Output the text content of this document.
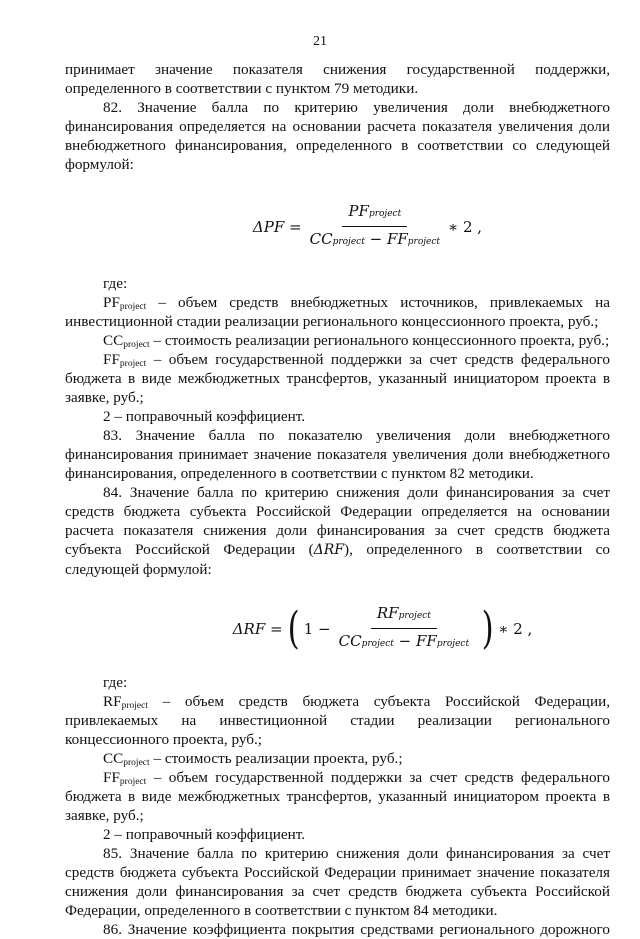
21

принимает значение показателя снижения государственной поддержки, определенного в соответствии с пунктом 79 методики.

82. Значение балла по критерию увеличения доли внебюджетного финансирования определяется на основании расчета показателя увеличения доли внебюджетного финансирования, определенного в соответствии со следующей формулой:

$\Delta PF = \frac{\text{PFproject}}{\text{CCproject − FFproject}}$ ∗ 2 ,

где:

$PF_{project}$ – объем средств внебюджетных источников, привлекаемых на инвестиционной стадии реализации регионального концессионного проекта, руб.;

$CC_{project}$ – стоимость реализации регионального концессионного проекта, руб.;

$FF_{project}$ – объем государственной поддержки за счет средств федерального бюджета в виде межбюджетных трансфертов, указанный инициатором проекта в заявке, руб.;

2 – поправочный коэффициент.

83. Значение балла по показателю увеличения доли внебюджетного финансирования принимает значение показателя увеличения доли внебюджетного финансирования, определенного в соответствии с пунктом 82 методики.

84. Значение балла по критерию снижения доли финансирования за счет средств бюджета субъекта Российской Федерации определяется на основании расчета показателя снижения доли финансирования за счет средств бюджета субъекта Российской Федерации (ΔRF), определенного в соответствии со следующей формулой:

ΔRF = ( $1 - \frac{\text{RFproject}}{\text{CCproject − FFproject}}$ ) ∗ 2 ,

где:

$RF_{project}$ – объем средств бюджета субъекта Российской Федерации, привлекаемых на инвестиционной стадии реализации регионального концессионного проекта, руб.;

$CC_{project}$ – стоимость реализации проекта, руб.;

$FF_{project}$ – объем государственной поддержки за счет средств федерального бюджета в виде межбюджетных трансфертов, указанный инициатором проекта в заявке, руб.;

2 – поправочный коэффициент.

85. Значение балла по критерию снижения доли финансирования за счет средств бюджета субъекта Российской Федерации принимает значение показателя снижения доли финансирования за счет средств бюджета субъекта Российской Федерации, определенного в соответствии с пунктом 84 методики.

86. Значение коэффициента покрытия средствами регионального дорожного
